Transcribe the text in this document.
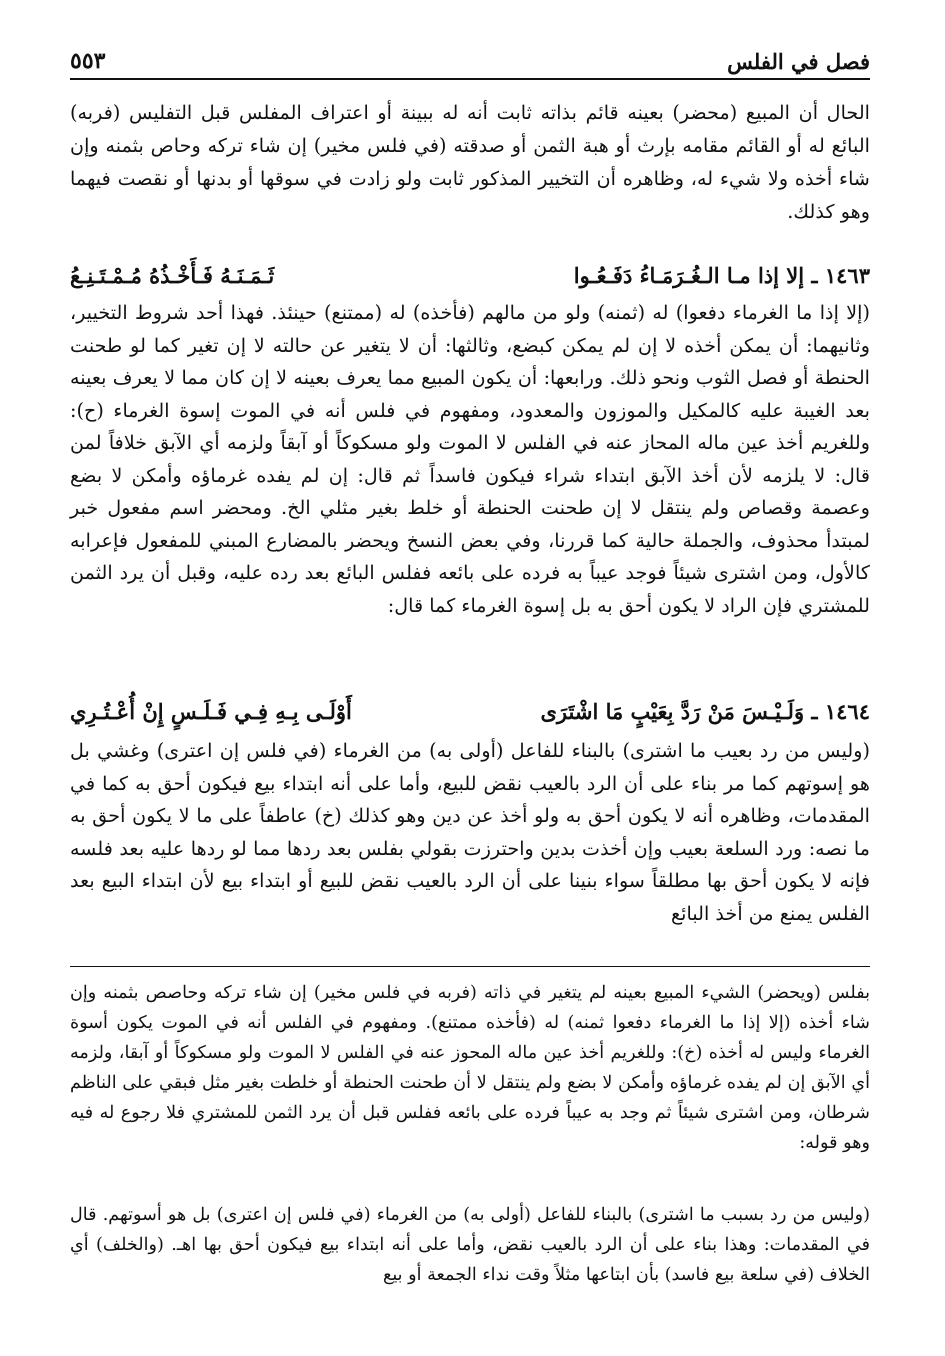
٥٥٣	فصل في الفلس

الحال أن المبيع (محضر) بعينه قائم بذاته ثابت أنه له ببينة أو اعتراف المفلس قبل التفليس (فربه) البائع له أو القائم مقامه بإرث أو هبة الثمن أو صدقته (في فلس مخير) إن شاء تركه وحاص بثمنه وإن شاء أخذه ولا شيء له، وظاهره أن التخيير المذكور ثابت ولو زادت في سوقها أو بدنها أو نقصت فيهما وهو كذلك.

١٤٦٣ ـ إلا إذا مـا الـغُـرَمَـاءُ دَفَـعُـوا
ثَـمَـنَـهُ فَـأَخْـذُهُ مُـمْـتَـنِـعُ

(إلا إذا ما الغرماء دفعوا) له (ثمنه) ولو من مالهم (فأخذه) له (ممتنع) حينئذ. فهذا أحد شروط التخيير، وثانيهما: أن يمكن أخذه لا إن لم يمكن كبضع، وثالثها: أن لا يتغير عن حالته لا إن تغير كما لو طحنت الحنطة أو فصل الثوب ونحو ذلك. ورابعها: أن يكون المبيع مما يعرف بعينه لا إن كان مما لا يعرف بعينه بعد الغيبة عليه كالمكيل والموزون والمعدود، ومفهوم في فلس أنه في الموت إسوة الغرماء (ح): وللغريم أخذ عين ماله المحاز عنه في الفلس لا الموت ولو مسكوكاً أو آبقاً ولزمه أي الآبق خلافاً لمن قال: لا يلزمه لأن أخذ الآبق ابتداء شراء فيكون فاسداً ثم قال: إن لم يفده غرماؤه وأمكن لا بضع وعصمة وقصاص ولم ينتقل لا إن طحنت الحنطة أو خلط بغير مثلي الخ. ومحضر اسم مفعول خبر لمبتدأ محذوف، والجملة حالية كما قررنا، وفي بعض النسخ ويحضر بالمضارع المبني للمفعول فإعرابه كالأول، ومن اشترى شيئاً فوجد عيباً به فرده على بائعه ففلس البائع بعد رده عليه، وقبل أن يرد الثمن للمشتري فإن الراد لا يكون أحق به بل إسوة الغرماء كما قال:

١٤٦٤ ـ وَلَـيْـسَ مَنْ رَدَّ بِعَيْبٍ مَا اشْتَرَى
أَوْلَـى بِـهِ فِـي فَـلَـسٍ إِنْ أُعْـتُـرِي

(وليس من رد بعيب ما اشترى) بالبناء للفاعل (أولى به) من الغرماء (في فلس إن اعترى) وغشي بل هو إسوتهم كما مر بناء على أن الرد بالعيب نقض للبيع، وأما على أنه ابتداء بيع فيكون أحق به كما في المقدمات، وظاهره أنه لا يكون أحق به ولو أخذ عن دين وهو كذلك (خ) عاطفاً على ما لا يكون أحق به ما نصه: ورد السلعة بعيب وإن أخذت بدين واحترزت بقولي بفلس بعد ردها مما لو ردها عليه بعد فلسه فإنه لا يكون أحق بها مطلقاً سواء بنينا على أن الرد بالعيب نقض للبيع أو ابتداء بيع لأن ابتداء البيع بعد الفلس يمنع من أخذ البائع

بفلس (ويحضر) الشيء المبيع بعينه لم يتغير في ذاته (فربه في فلس مخير) إن شاء تركه وحاصص بثمنه وإن شاء أخذه (إلا إذا ما الغرماء دفعوا ثمنه) له (فأخذه ممتنع). ومفهوم في الفلس أنه في الموت يكون أسوة الغرماء وليس له أخذه (خ): وللغريم أخذ عين ماله المحوز عنه في الفلس لا الموت ولو مسكوكاً أو آبقا، ولزمه أي الآبق إن لم يفده غرماؤه وأمكن لا بضع ولم ينتقل لا أن طحنت الحنطة أو خلطت بغير مثل فبقي على الناظم شرطان، ومن اشترى شيئاً ثم وجد به عيباً فرده على بائعه ففلس قبل أن يرد الثمن للمشتري فلا رجوع له فيه وهو قوله:

(وليس من رد بسبب ما اشترى) بالبناء للفاعل (أولى به) من الغرماء (في فلس إن اعترى) بل هو أسوتهم. قال في المقدمات: وهذا بناء على أن الرد بالعيب نقض، وأما على أنه ابتداء بيع فيكون أحق بها اهـ. (والخلف) أي الخلاف (في سلعة بيع فاسد) بأن ابتاعها مثلاً وقت نداء الجمعة أو بيع
